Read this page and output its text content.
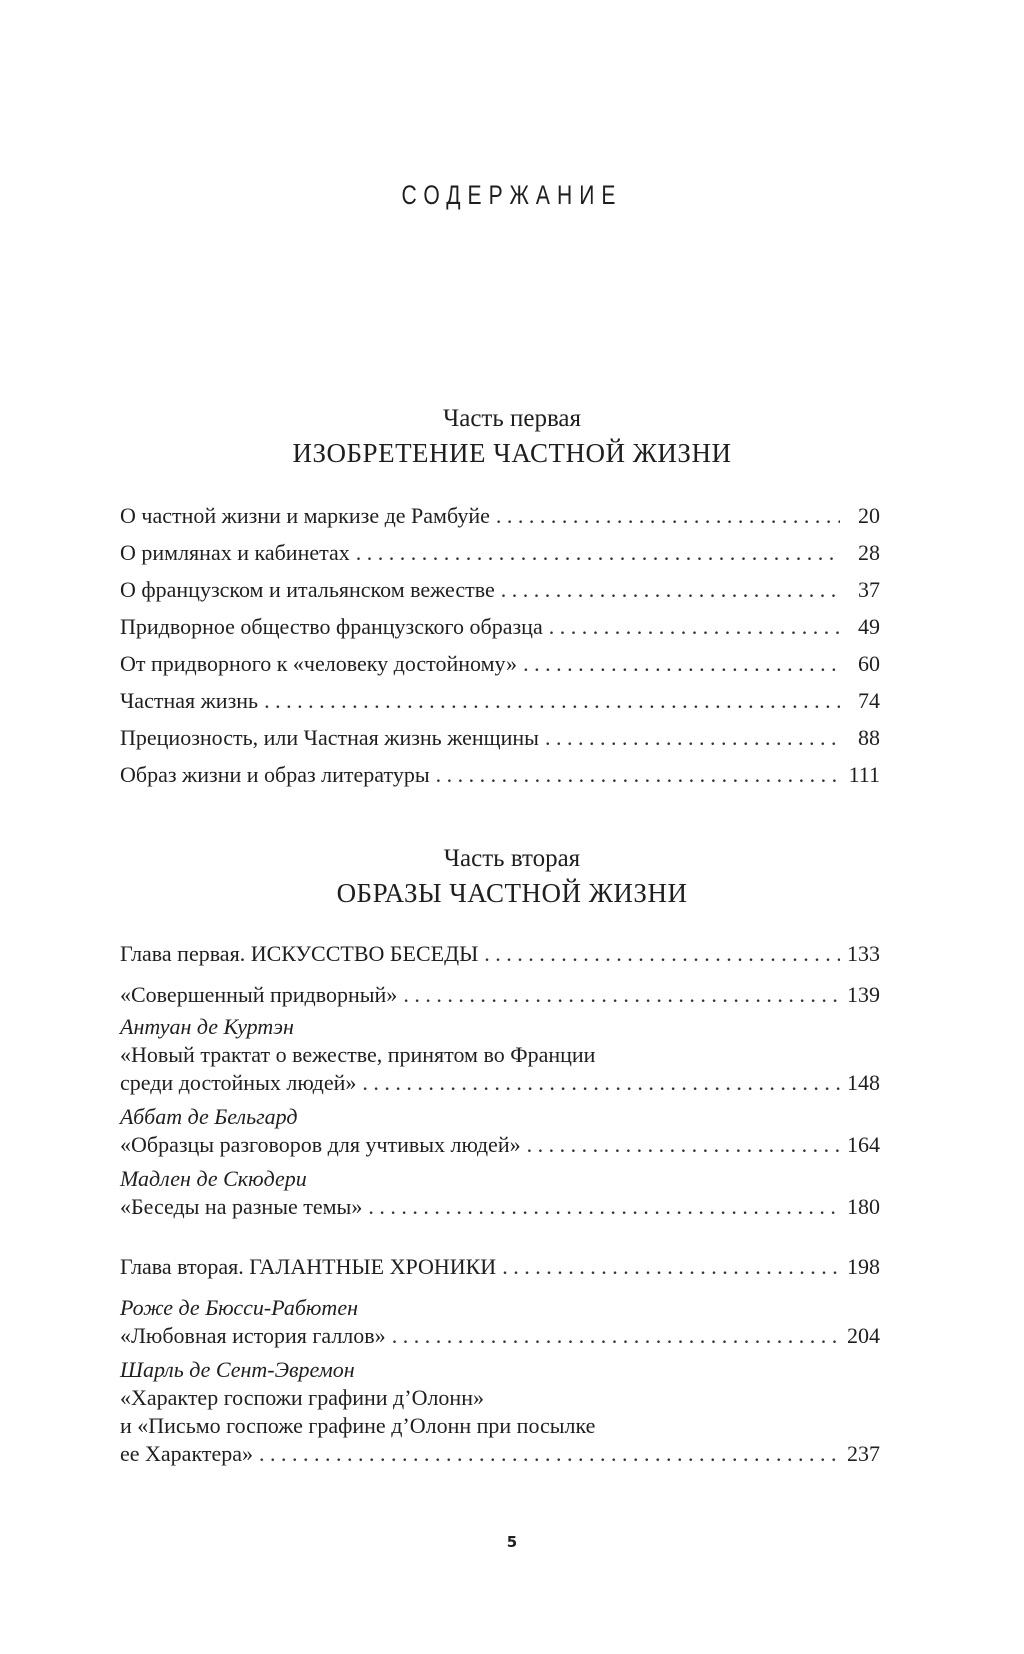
СОДЕРЖАНИЕ
Часть первая
ИЗОБРЕТЕНИЕ ЧАСТНОЙ ЖИЗНИ
О частной жизни и маркизе де Рамбуйе . . .	20
О римлянах и кабинетах . . .	28
О французском и итальянском вежестве . . .	37
Придворное общество французского образца . . .	49
От придворного к «человеку достойному» . . .	60
Частная жизнь . . .	74
Прециозность, или Частная жизнь женщины . . .	88
Образ жизни и образ литературы . . .	111
Часть вторая
ОБРАЗЫ ЧАСТНОЙ ЖИЗНИ
Глава первая. ИСКУССТВО БЕСЕДЫ . . .	133
«Совершенный придворный» . . .	139
Антуан де Куртэн
«Новый трактат о вежестве, принятом во Франции
среди достойных людей» . . .	148
Аббат де Бельгард
«Образцы разговоров для учтивых людей» . . .	164
Мадлен де Скюдери
«Беседы на разные темы» . . .	180
Глава вторая. ГАЛАНТНЫЕ ХРОНИКИ . . .	198
Роже де Бюсси-Рабютен
«Любовная история галлов» . . .	204
Шарль де Сент-Эвремон
«Характер госпожи графини д’Олонн»
и «Письмо госпоже графине д’Олонн при посылке
ее Характера» . . .	237
5
